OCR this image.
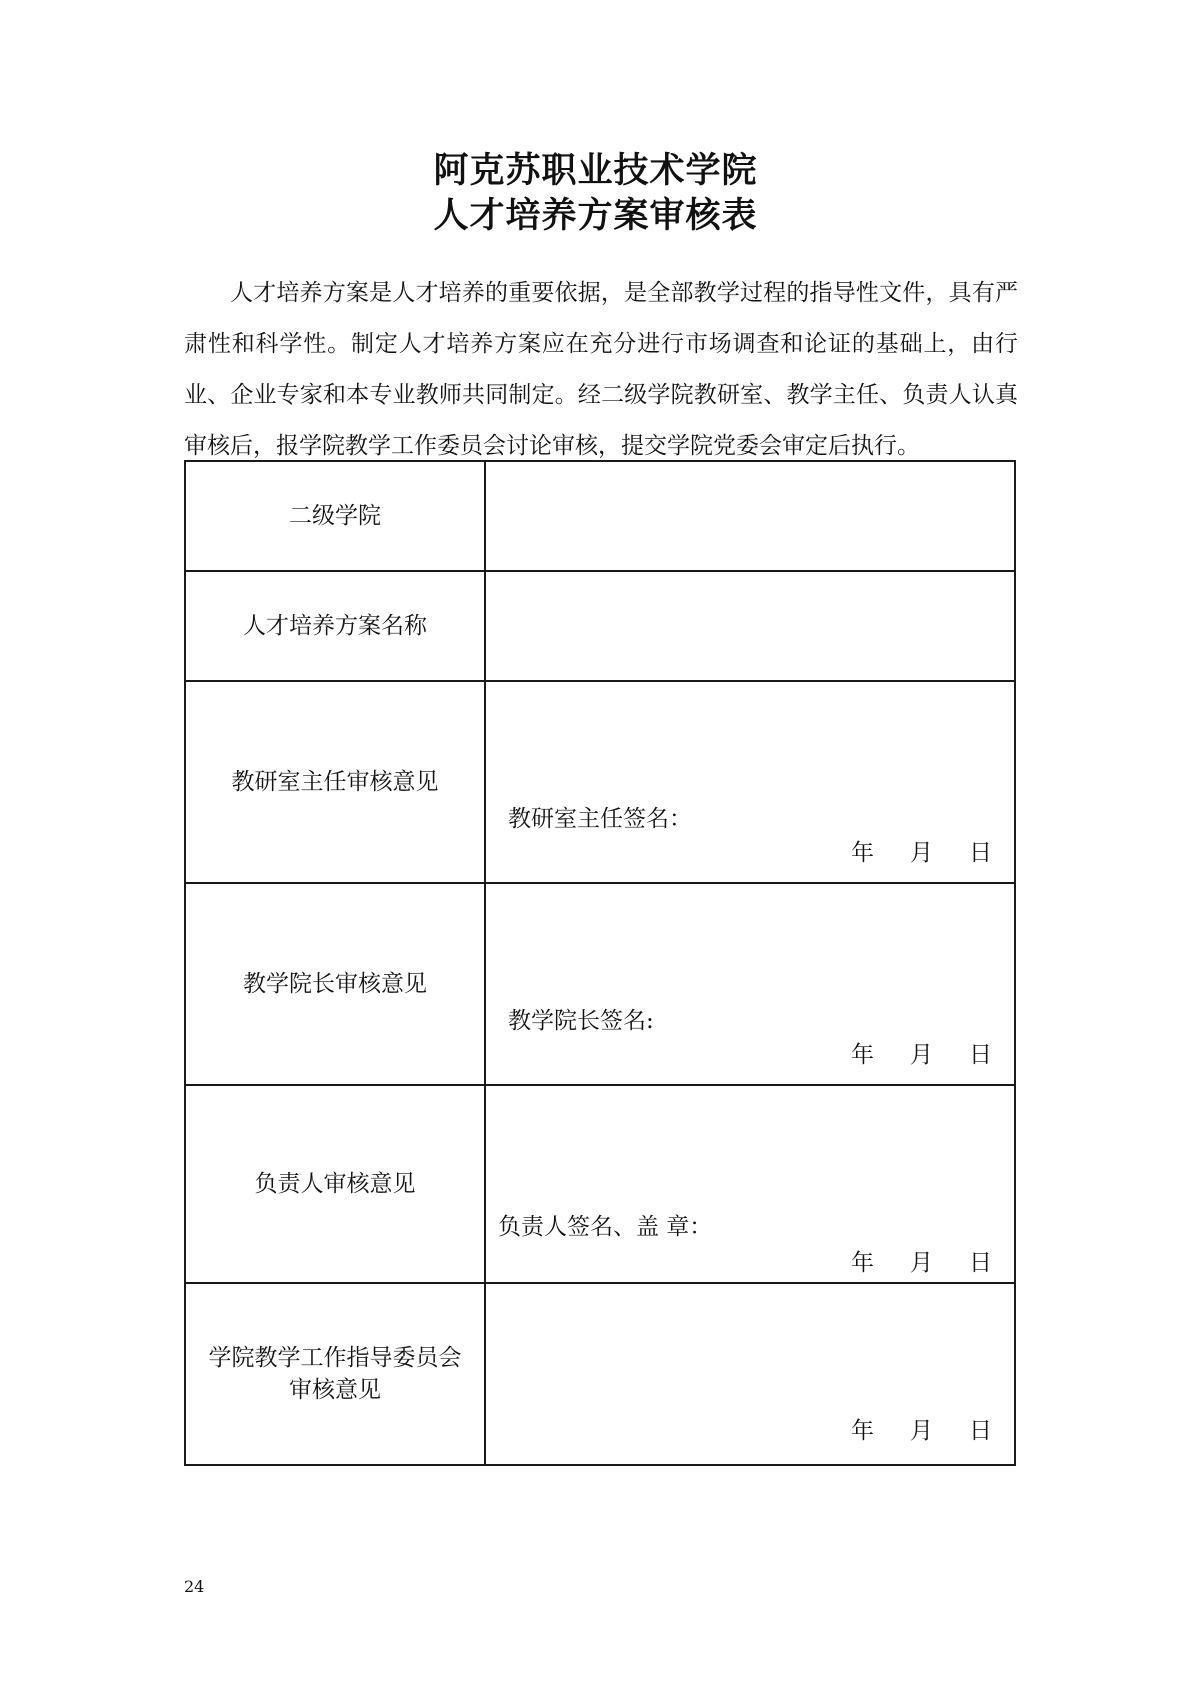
阿克苏职业技术学院
人才培养方案审核表

人才培养方案是人才培养的重要依据，是全部教学过程的指导性文件，具有严肃性和科学性。制定人才培养方案应在充分进行市场调查和论证的基础上，由行业、企业专家和本专业教师共同制定。经二级学院教研室、教学主任、负责人认真审核后，报学院教学工作委员会讨论审核，提交学院党委会审定后执行。

二级学院	
人才培养方案名称	
教研室主任审核意见	教研室主任签名：
年 月 日

教学院长审核意见	教学院长签名:
年 月 日

负责人审核意见	负责人签名、盖 章：
年 月 日

学院教学工作指导委员会
审核意见	年 月 日
24
